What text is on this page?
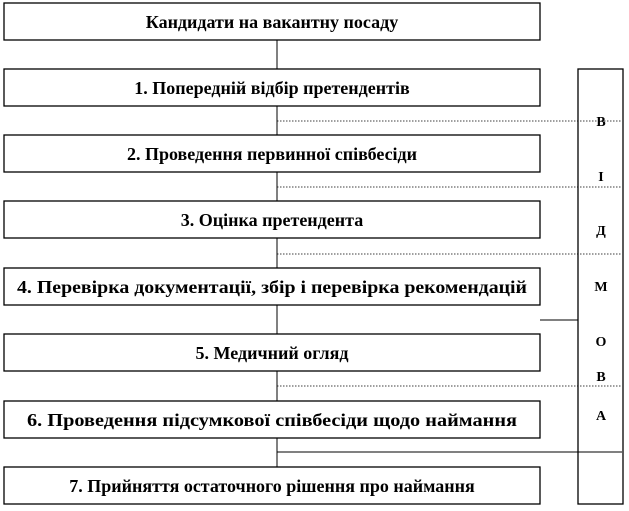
Кандидати на вакантну посаду
1. Попередній відбір претендентів
2. Проведення первинної співбесіди
3. Оцінка претендента
4. Перевірка документації, збір і перевірка рекомендацій
5. Медичний огляд
6. Проведення підсумкової співбесіди щодо наймання
7. Прийняття остаточного рішення про наймання
В
І
Д
М
О
В
А
